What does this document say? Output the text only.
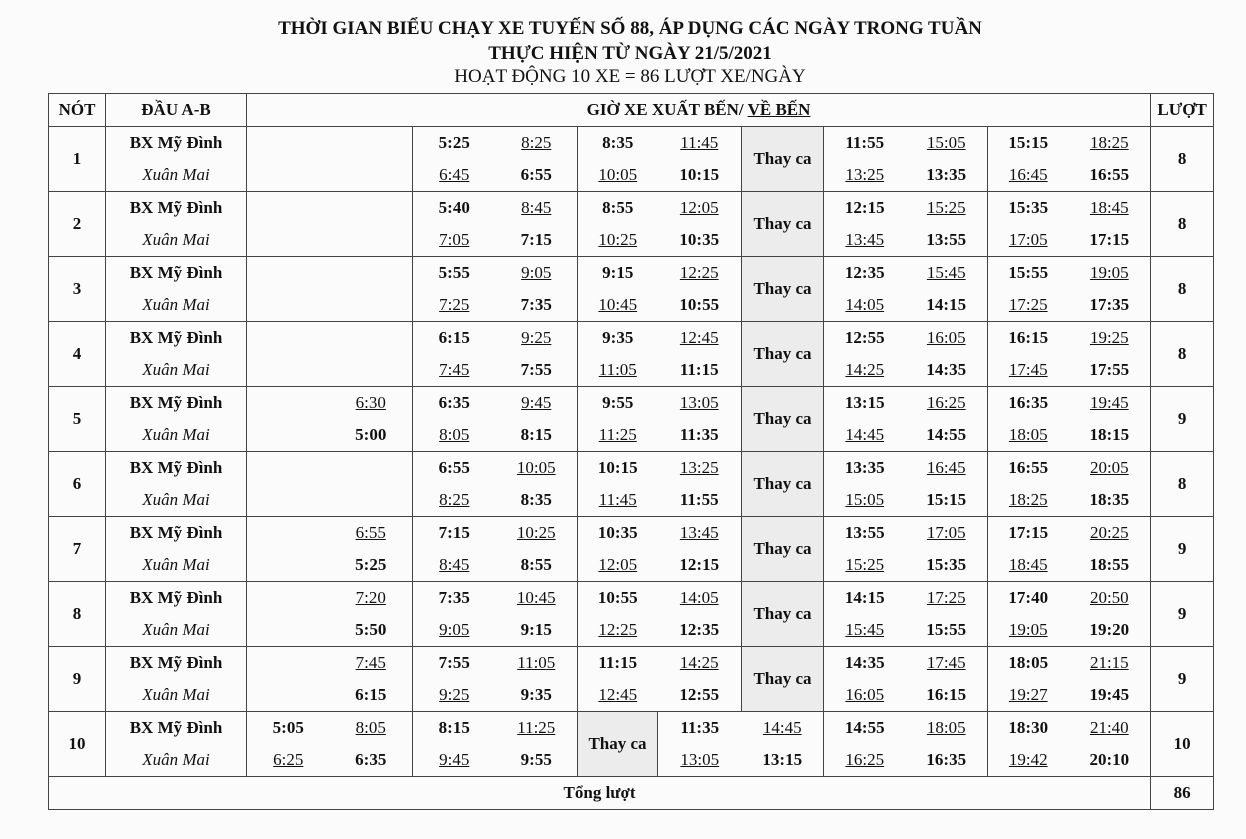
THỜI GIAN BIỂU CHẠY XE TUYẾN SỐ 88, ÁP DỤNG CÁC NGÀY TRONG TUẦN
THỰC HIỆN TỪ NGÀY 21/5/2021
HOẠT ĐỘNG 10 XE = 86 LƯỢT XE/NGÀY
NÓT	ĐẦU A-B	GIỜ XE XUẤT BẾN/ VỀ BẾN											LƯỢT
1	BX Mỹ Đình			5:25	8:25	8:35	11:45	Thay ca	11:55	15:05	15:15	18:25	8
	Xuân Mai			6:45	6:55	10:05	10:15		13:25	13:35	16:45	16:55	

2	BX Mỹ Đình			5:40	8:45	8:55	12:05	Thay ca	12:15	15:25	15:35	18:45	8
	Xuân Mai			7:05	7:15	10:25	10:35		13:45	13:55	17:05	17:15	

3	BX Mỹ Đình			5:55	9:05	9:15	12:25	Thay ca	12:35	15:45	15:55	19:05	8
	Xuân Mai			7:25	7:35	10:45	10:55		14:05	14:15	17:25	17:35	

4	BX Mỹ Đình			6:15	9:25	9:35	12:45	Thay ca	12:55	16:05	16:15	19:25	8
	Xuân Mai			7:45	7:55	11:05	11:15		14:25	14:35	17:45	17:55	

5	BX Mỹ Đình		6:30	6:35	9:45	9:55	13:05	Thay ca	13:15	16:25	16:35	19:45	9
	Xuân Mai		5:00	8:05	8:15	11:25	11:35		14:45	14:55	18:05	18:15	

6	BX Mỹ Đình			6:55	10:05	10:15	13:25	Thay ca	13:35	16:45	16:55	20:05	8
	Xuân Mai			8:25	8:35	11:45	11:55		15:05	15:15	18:25	18:35	

7	BX Mỹ Đình		6:55	7:15	10:25	10:35	13:45	Thay ca	13:55	17:05	17:15	20:25	9
	Xuân Mai		5:25	8:45	8:55	12:05	12:15		15:25	15:35	18:45	18:55	

8	BX Mỹ Đình		7:20	7:35	10:45	10:55	14:05	Thay ca	14:15	17:25	17:40	20:50	9
	Xuân Mai		5:50	9:05	9:15	12:25	12:35		15:45	15:55	19:05	19:20	

9	BX Mỹ Đình		7:45	7:55	11:05	11:15	14:25	Thay ca	14:35	17:45	18:05	21:15	9
	Xuân Mai		6:15	9:25	9:35	12:45	12:55		16:05	16:15	19:27	19:45	

10	BX Mỹ Đình	5:05	8:05	8:15	11:25	Thay ca	11:35	14:45	14:55	18:05	18:30	21:40	10
	Xuân Mai	6:25	6:35	9:45	9:55		13:05	13:15	16:25	16:35	19:42	20:10	

Tổng lượt													86
